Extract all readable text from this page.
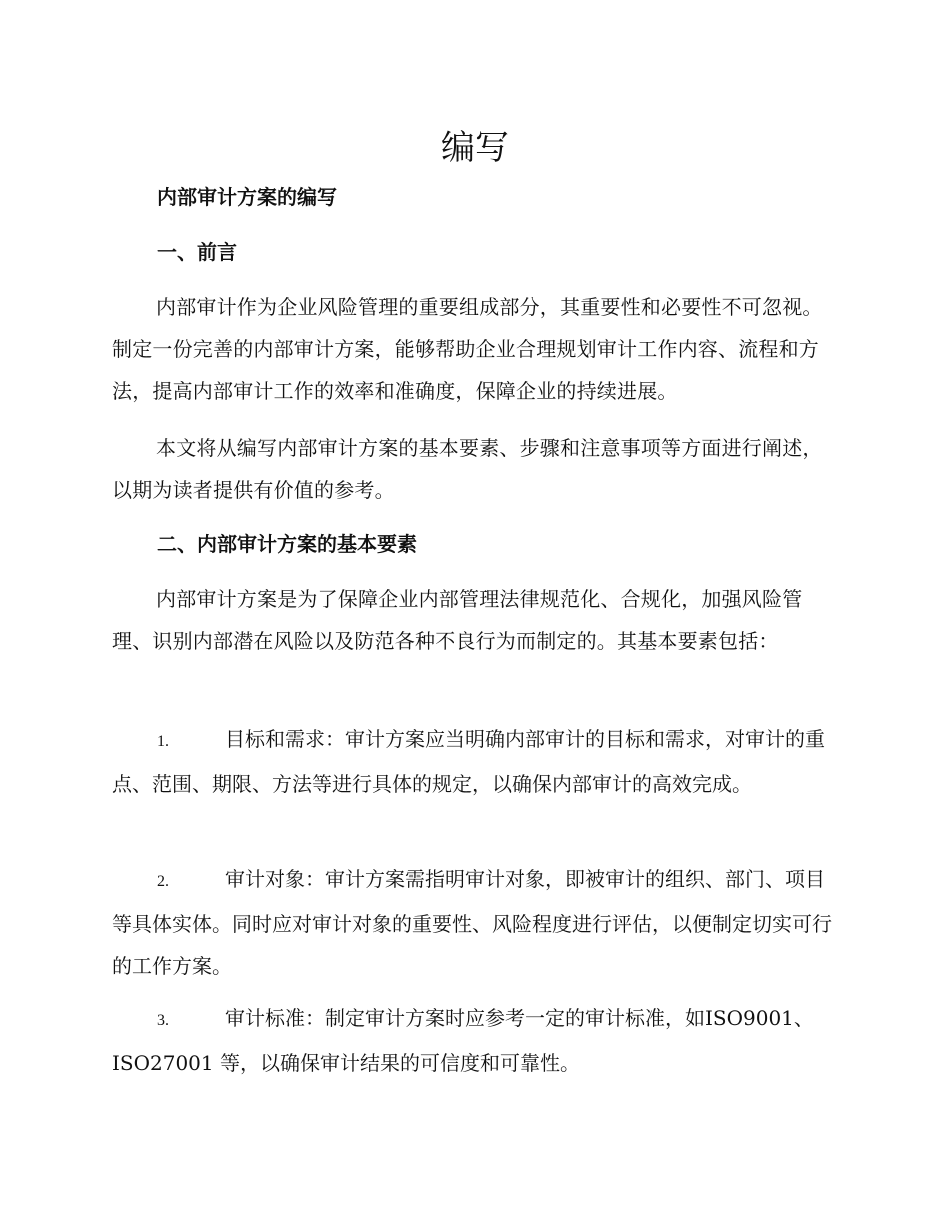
编写
内部审计方案的编写
一、前言

内部审计作为企业风险管理的重要组成部分，其重要性和必要性不可忽视。制定一份完善的内部审计方案，能够帮助企业合理规划审计工作内容、流程和方法，提高内部审计工作的效率和准确度，保障企业的持续进展。

本文将从编写内部审计方案的基本要素、步骤和注意事项等方面进行阐述，以期为读者提供有价值的参考。

二、内部审计方案的基本要素

内部审计方案是为了保障企业内部管理法律规范化、合规化，加强风险管理、识别内部潜在风险以及防范各种不良行为而制定的。其基本要素包括：

1.	目标和需求：审计方案应当明确内部审计的目标和需求，对审计的重点、范围、期限、方法等进行具体的规定，以确保内部审计的高效完成。

2.	审计对象：审计方案需指明审计对象，即被审计的组织、部门、项目等具体实体。同时应对审计对象的重要性、风险程度进行评估，以便制定切实可行的工作方案。

3.	审计标准：制定审计方案时应参考一定的审计标准，如ISO9001、ISO27001 等，以确保审计结果的可信度和可靠性。
